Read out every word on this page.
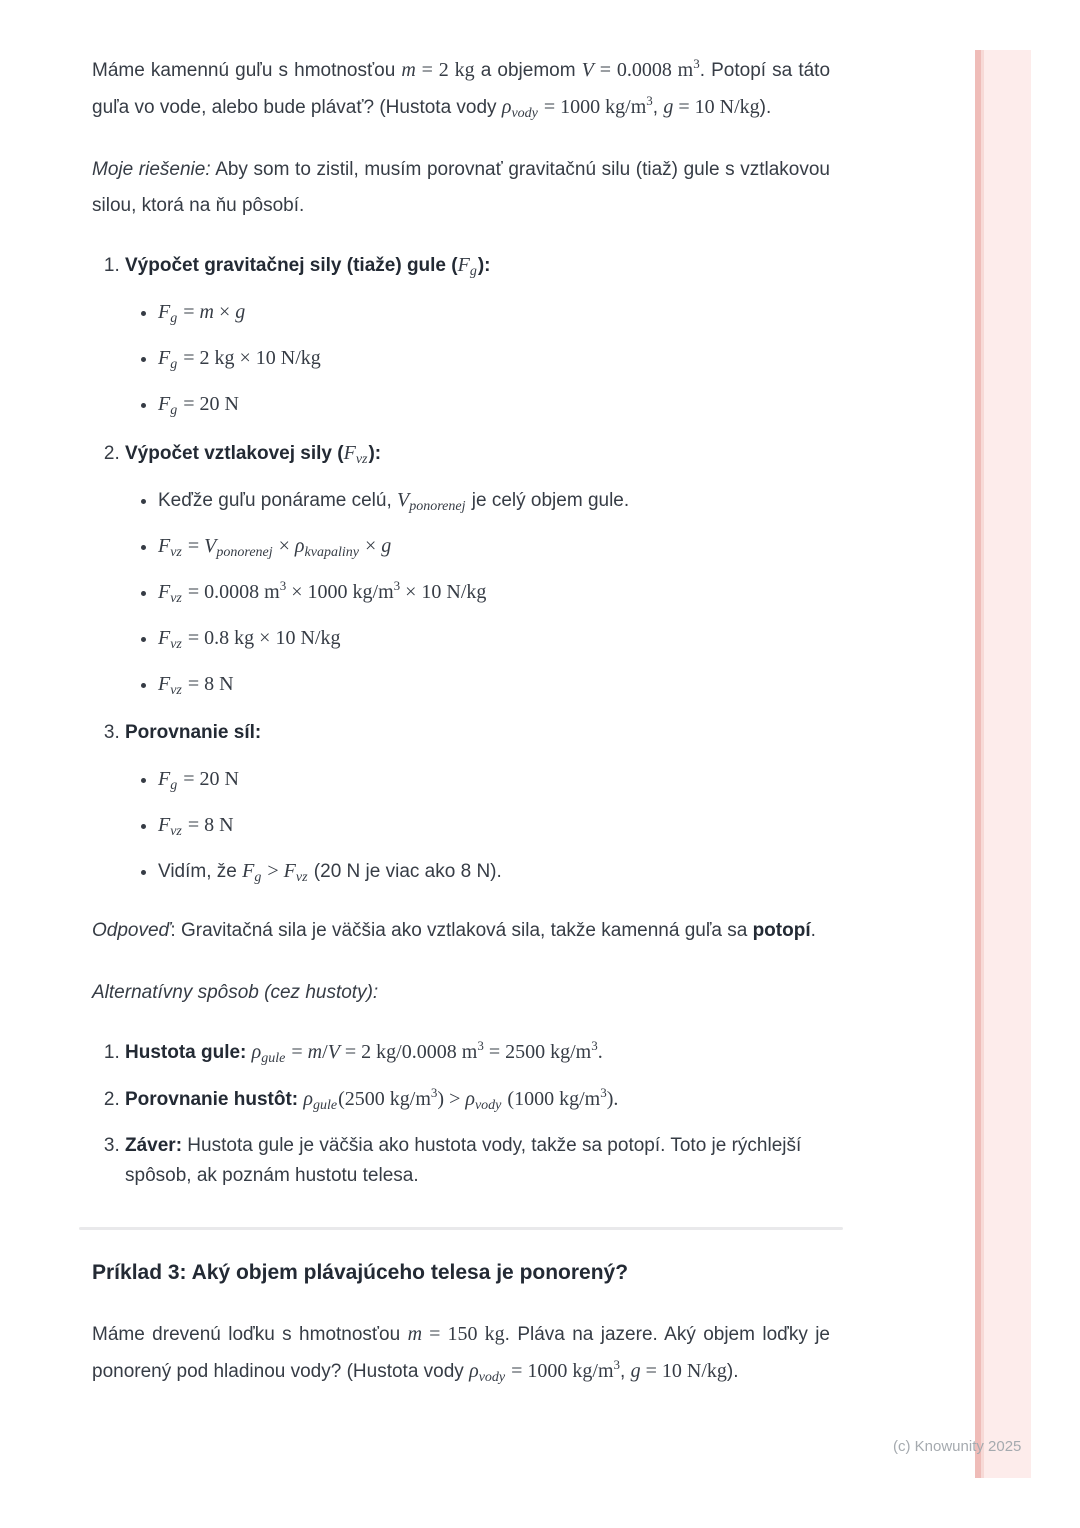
(c) Knowunity 2025

Máme kamennú guľu s hmotnosťou m = 2 kg a objemom V = 0.0008 $m^3$. Potopí sa táto guľa vo vode, alebo bude plávať? (Hustota vody $\rho_{vody} = 1000$ $kg/m^3$, g = 10 N/kg).

Moje riešenie: Aby som to zistil, musím porovnať gravitačnú silu (tiaž) gule s vztlakovou silou, ktorá na ňu pôsobí.

1. Výpočet gravitačnej sily (tiaže) gule $(F_g)$:
• $F_g = m \times g$
• $F_g = 2$ kg × 10 N/kg
• $F_g = 20$ N
2. Výpočet vztlakovej sily $(F_{vz})$:
• Keďže guľu ponárame celú, $V_{ponorenej}$ je celý objem gule.
• $F_{vz} = V_{ponorenej} \times \rho_{kvapaliny} \times g$
• $F_{vz} = 0.0008$ $m^3 \times 1000$ $kg/m^3 \times 10$ N/kg
• $F_{vz} = 0.8$ kg × 10 N/kg
• $F_{vz} = 8$ N
3. Porovnanie síl:
• $F_g = 20$ N
• $F_{vz} = 8$ N
• Vidím, že $F_g > F_{vz}$ (20 N je viac ako 8 N).

Odpoveď: Gravitačná sila je väčšia ako vztlaková sila, takže kamenná guľa sa potopí.

Alternatívny spôsob (cez hustoty):

1. Hustota gule: $\rho_{gule} = m/V = 2$ kg/0.0008 $m^3 = 2500$ $kg/m^3$.
2. Porovnanie hustôt: $\rho_{gule}(2500$ $kg/m^3) > \rho_{vody}$ (1000 $kg/m^3$).
3. Záver: Hustota gule je väčšia ako hustota vody, takže sa potopí. Toto je rýchlejší spôsob, ak poznám hustotu telesa.
Príklad 3: Aký objem plávajúceho telesa je ponorený?

Máme drevenú loďku s hmotnosťou m = 150 kg. Pláva na jazere. Aký objem loďky je ponorený pod hladinou vody? (Hustota vody $\rho_{vody} = 1000$ $kg/m^3$, g = 10 N/kg).
